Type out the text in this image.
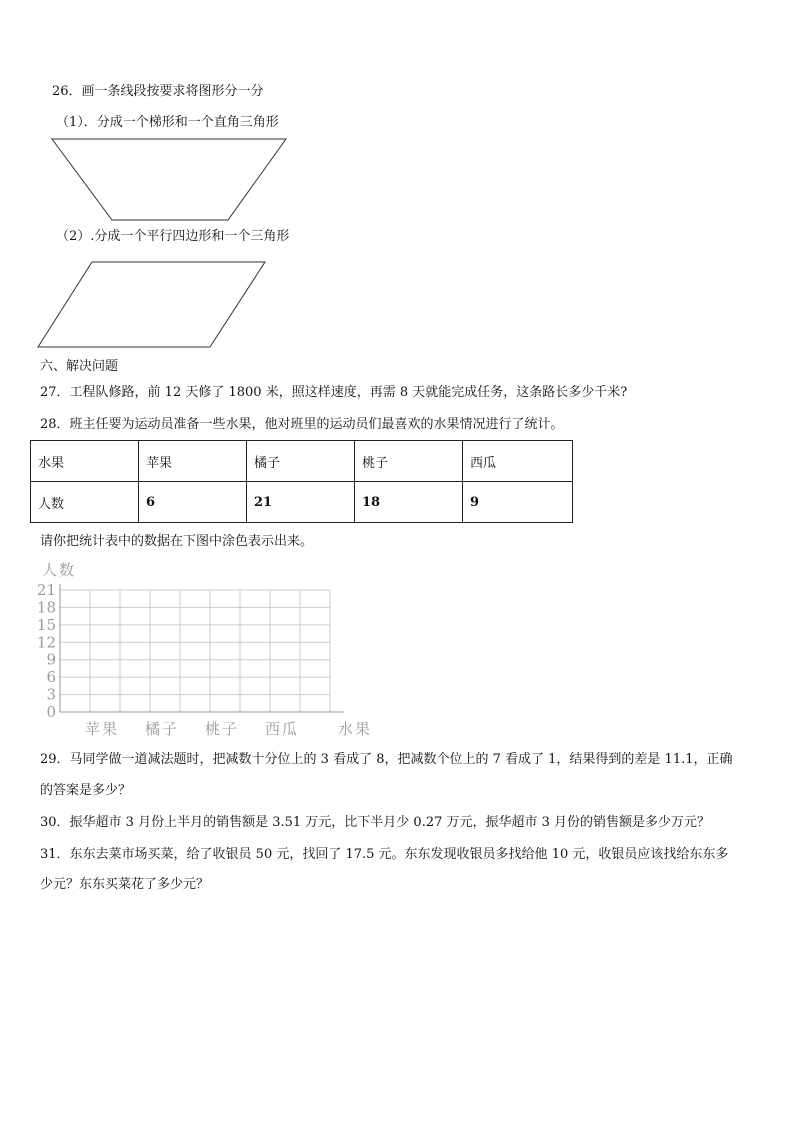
26．画一条线段按要求将图形分一分
（1）．分成一个梯形和一个直角三角形
（2）.分成一个平行四边形和一个三角形
六、解决问题
27．工程队修路，前 12 天修了 1800 米，照这样速度，再需 8 天就能完成任务，这条路长多少千米?
28．班主任要为运动员准备一些水果，他对班里的运动员们最喜欢的水果情况进行了统计。
水果	苹果	橘子	桃子	西瓜
人数	6	21	18	9
请你把统计表中的数据在下图中涂色表示出来。
人数
0
3
6
9
12
15
18
21
苹果 橘子 桃子 西瓜	水果
29．马同学做一道减法题时，把减数十分位上的 3 看成了 8，把减数个位上的 7 看成了 1，结果得到的差是 11.1，正确
的答案是多少？
30．振华超市 3 月份上半月的销售额是 3.51 万元，比下半月少 0.27 万元，振华超市 3 月份的销售额是多少万元？
31．东东去菜市场买菜，给了收银员 50 元，找回了 17.5 元。东东发现收银员多找给他 10 元，收银员应该找给东东多
少元？东东买菜花了多少元？
